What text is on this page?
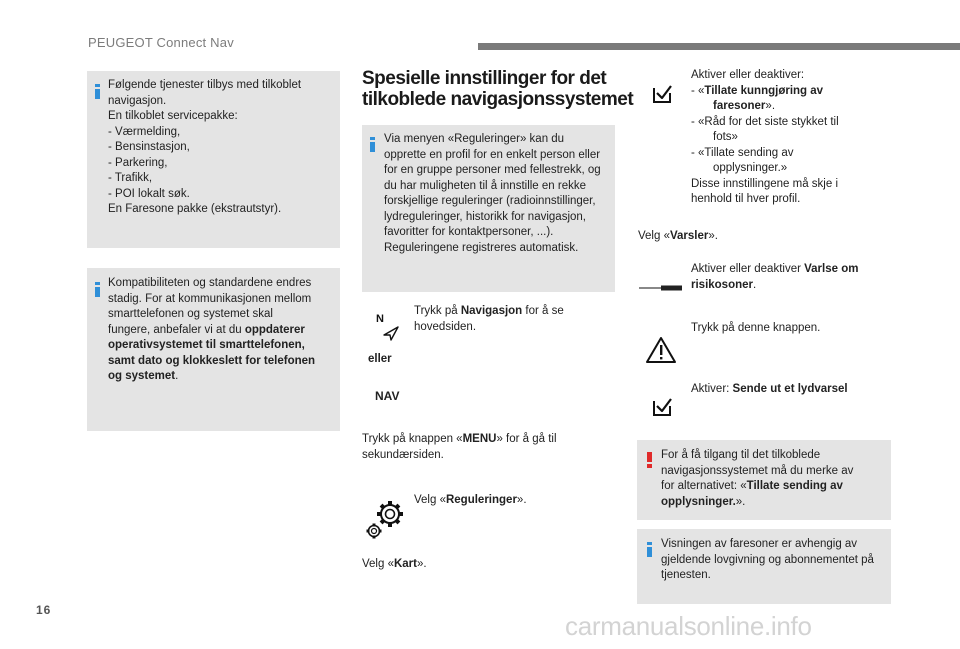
PEUGEOT Connect Nav
Følgende tjenester tilbys med tilkoblet
navigasjon.
En tilkoblet servicepakke:
- Værmelding,
- Bensinstasjon,
- Parkering,
- Trafikk,
- POI lokalt søk.
En Faresone pakke (ekstrautstyr).
Kompatibiliteten og standardene endres
stadig. For at kommunikasjonen mellom
smarttelefonen og systemet skal
fungere, anbefaler vi at du oppdaterer
operativsystemet til smarttelefonen,
samt dato og klokkeslett for telefonen
og systemet.
Spesielle innstillinger for det
tilkoblede navigasjonssystemet
Via menyen «Reguleringer» kan du
opprette en profil for en enkelt person eller
for en gruppe personer med fellestrekk, og
du har muligheten til å innstille en rekke
forskjellige reguleringer (radioinnstillinger,
lydreguleringer, historikk for navigasjon,
favoritter for kontaktpersoner, ...).
Reguleringene registreres automatisk.
N
eller
NAV
Trykk på Navigasjon for å se
hovedsiden.
Trykk på knappen «MENU» for å gå til
sekundærsiden.
Velg «Reguleringer».
Velg «Kart».
Aktiver eller deaktiver:
- «Tillate kunngjøring av
faresoner».
- «Råd for det siste stykket til
fots»
- «Tillate sending av
opplysninger.»
Disse innstillingene må skje i
henhold til hver profil.
Velg «Varsler».
Aktiver eller deaktiver Varlse om
risikosoner.
Trykk på denne knappen.
Aktiver: Sende ut et lydvarsel
For å få tilgang til det tilkoblede
navigasjonssystemet må du merke av
for alternativet: «Tillate sending av
opplysninger.».
Visningen av faresoner er avhengig av
gjeldende lovgivning og abonnementet på
tjenesten.
16
carmanualsonline.info
